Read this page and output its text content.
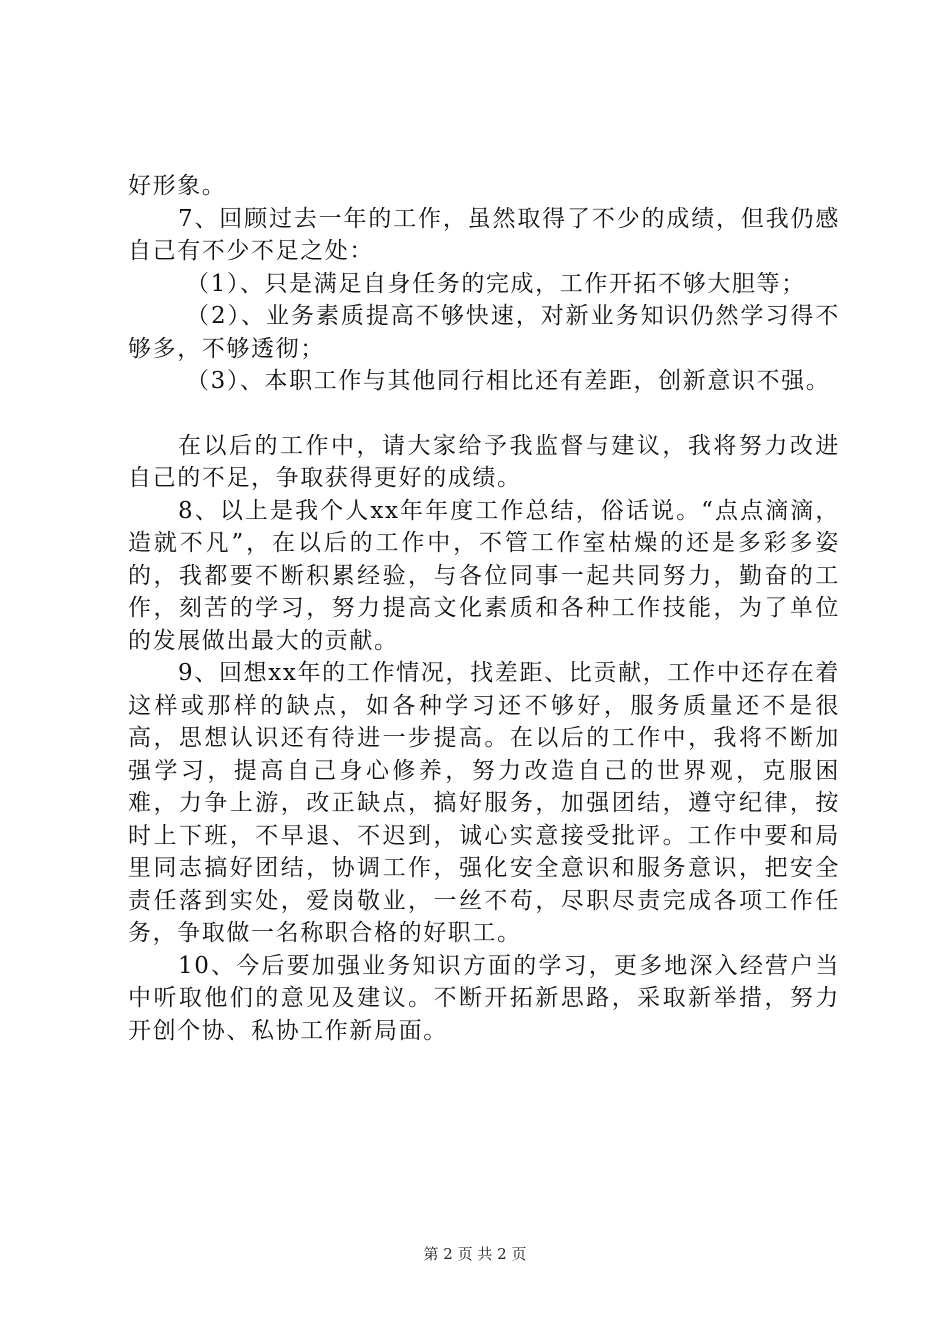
好形象。

7、回顾过去一年的工作，虽然取得了不少的成绩，但我仍感自己有不少不足之处：

（1）、只是满足自身任务的完成，工作开拓不够大胆等；

（2）、业务素质提高不够快速，对新业务知识仍然学习得不够多，不够透彻；

（3）、本职工作与其他同行相比还有差距，创新意识不强。

在以后的工作中，请大家给予我监督与建议，我将努力改进自己的不足，争取获得更好的成绩。

8、以上是我个人xx年年度工作总结，俗话说。“点点滴滴，造就不凡”，在以后的工作中，不管工作室枯燥的还是多彩多姿的，我都要不断积累经验，与各位同事一起共同努力，勤奋的工作，刻苦的学习，努力提高文化素质和各种工作技能，为了单位的发展做出最大的贡献。

9、回想xx年的工作情况，找差距、比贡献，工作中还存在着这样或那样的缺点，如各种学习还不够好，服务质量还不是很高，思想认识还有待进一步提高。在以后的工作中，我将不断加强学习，提高自己身心修养，努力改造自己的世界观，克服困难，力争上游，改正缺点，搞好服务，加强团结，遵守纪律，按时上下班，不早退、不迟到，诚心实意接受批评。工作中要和局里同志搞好团结，协调工作，强化安全意识和服务意识，把安全责任落到实处，爱岗敬业，一丝不苟，尽职尽责完成各项工作任务，争取做一名称职合格的好职工。

10、今后要加强业务知识方面的学习，更多地深入经营户当中听取他们的意见及建议。不断开拓新思路，采取新举措，努力开创个协、私协工作新局面。

第 2 页 共 2 页
